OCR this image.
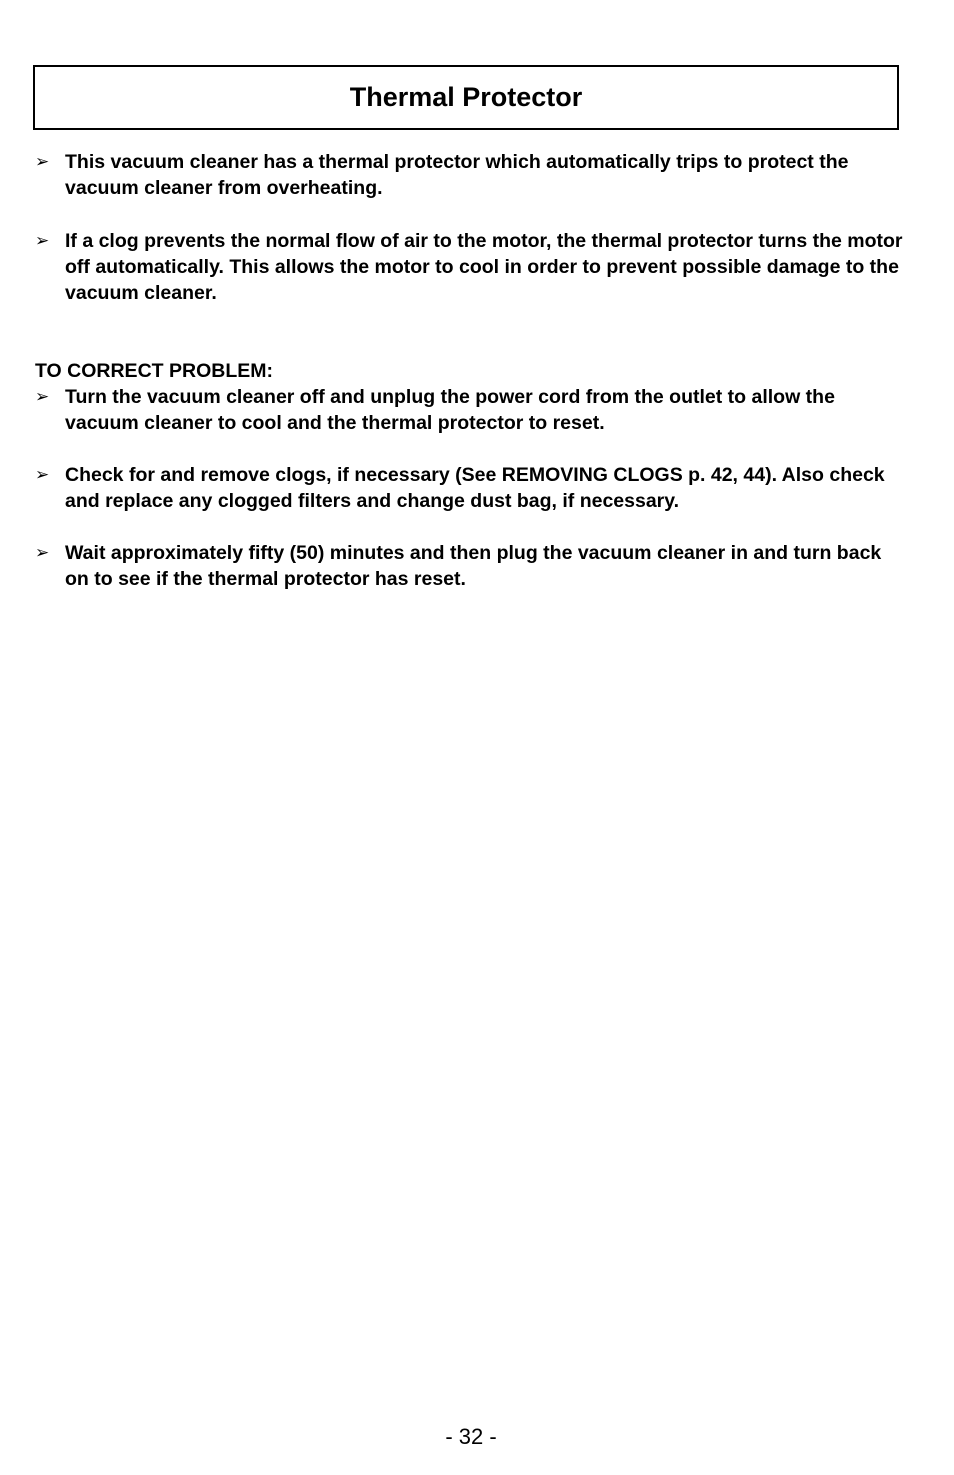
Thermal Protector
➢ This vacuum cleaner has a thermal protector which automatically trips to protect the vacuum cleaner from overheating.
➢ If a clog prevents the normal flow of air to the motor, the thermal protector turns the motor off automatically. This allows the motor to cool in order to prevent possible damage to the vacuum cleaner.

TO CORRECT PROBLEM:

➢ Turn the vacuum cleaner off and unplug the power cord from the outlet to allow the vacuum cleaner to cool and the thermal protector to reset.
➢ Check for and remove clogs, if necessary (See REMOVING CLOGS p. 42, 44). Also check and replace any clogged filters and change dust bag, if necessary.
➢ Wait approximately fifty (50) minutes and then plug the vacuum cleaner in and turn back on to see if the thermal protector has reset.
- 32 -
